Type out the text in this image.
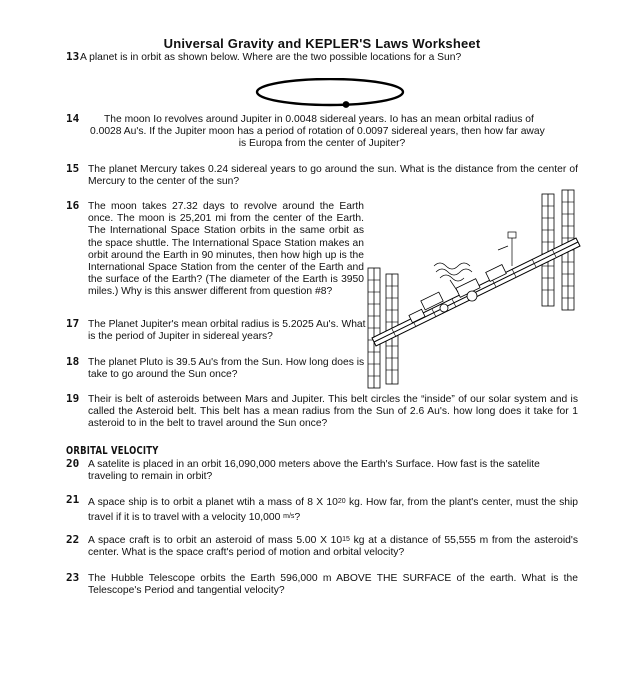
Universal Gravity and KEPLER'S Laws Worksheet
13 A planet is in orbit as shown below. Where are the two possible locations for a Sun?
14 The moon Io revolves around Jupiter in 0.0048 sidereal years. Io has an mean orbital radius of
0.0028 Au's. If the Jupiter moon has a period of rotation of 0.0097 sidereal years, then how far away
is Europa from the center of Jupiter?
15 The planet Mercury takes 0.24 sidereal years to go around the sun. What is the distance from the center of Mercury to the center of the sun?
16 The moon takes 27.32 days to revolve around the Earth once. The moon is 25,201 mi from the center of the Earth. The International Space Station orbits in the same orbit as the space shuttle. The International Space Station makes an orbit around the Earth in 90 minutes, then how high up is the International Space Station from the center of the Earth and the surface of the Earth? (The diameter of the Earth is 3950 miles.) Why is this answer different from question #8?
17 The Planet Jupiter's mean orbital radius is 5.2025 Au's. What is the period of Jupiter in sidereal years?
18 The planet Pluto is 39.5 Au's from the Sun. How long does is take to go around the Sun once?
19 Their is belt of asteroids between Mars and Jupiter. This belt circles the “inside” of our solar system and is called the Asteroid belt. This belt has a mean radius from the Sun of 2.6 Au's. how long does it take for 1 asteroid to in the belt to travel around the Sun once?
ORBITAL VELOCITY
20 A satelite is placed in an orbit 16,090,000 meters above the Earth's Surface. How fast is the satelite traveling to remain in orbit?
21 A space ship is to orbit a planet wtih a mass of 8 X $10^{20}$ kg. How far, from the plant's center, must the ship travel if it is to travel with a velocity 10,000 $^{m/s}$?
22 A space craft is to orbit an asteroid of mass 5.00 X $10^{15}$ kg at a distance of 55,555 m from the asteroid's center. What is the space craft's period of motion and orbital velocity?
23 The Hubble Telescope orbits the Earth 596,000 m ABOVE THE SURFACE of the earth. What is the Telescope's Period and tangential velocity?
